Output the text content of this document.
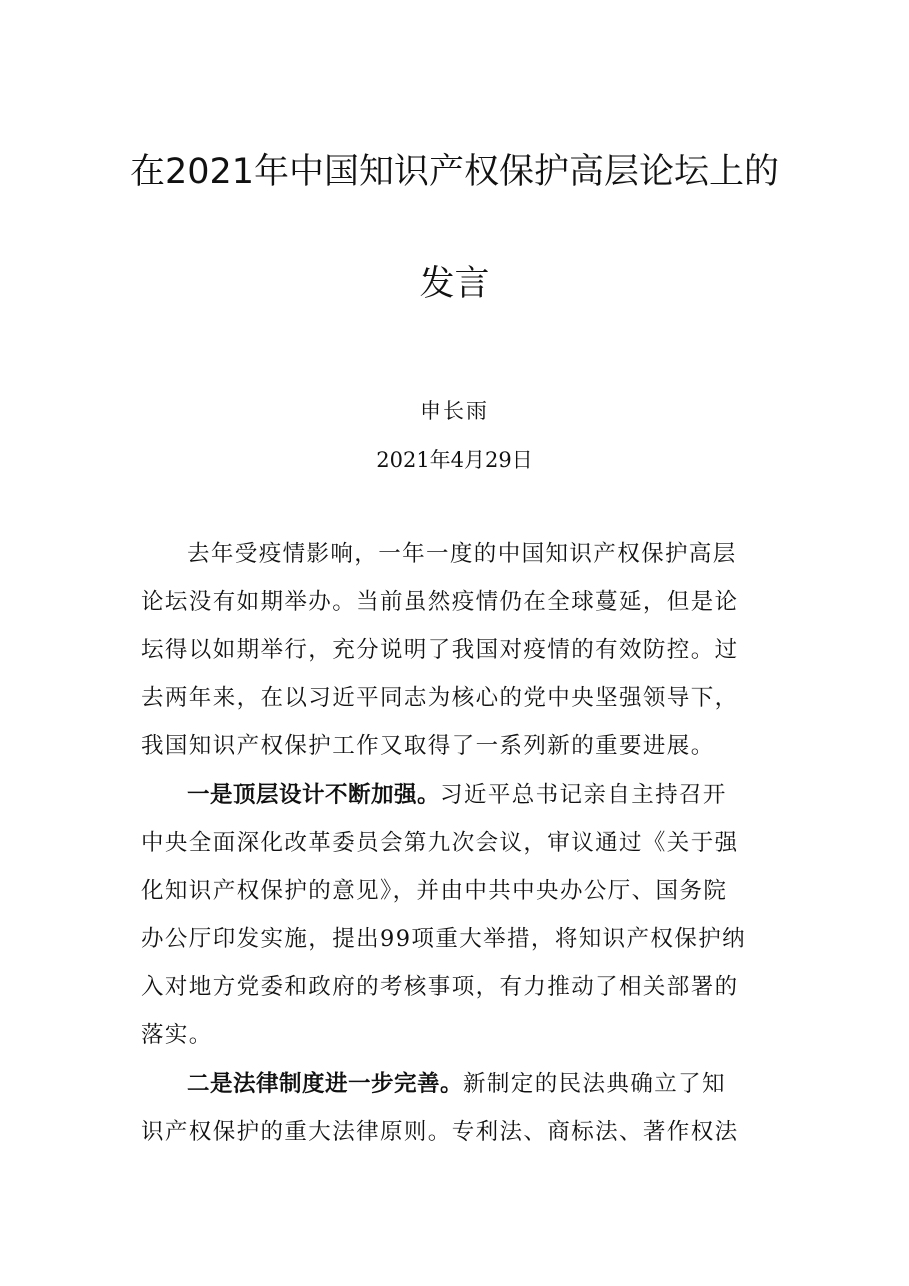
在2021年中国知识产权保护高层论坛上的
发言
申长雨
2021年4月29日
去年受疫情影响，一年一度的中国知识产权保护高层
论坛没有如期举办。当前虽然疫情仍在全球蔓延，但是论
坛得以如期举行，充分说明了我国对疫情的有效防控。过
去两年来，在以习近平同志为核心的党中央坚强领导下，
我国知识产权保护工作又取得了一系列新的重要进展。
一是顶层设计不断加强。习近平总书记亲自主持召开
中央全面深化改革委员会第九次会议，审议通过《关于强
化知识产权保护的意见》，并由中共中央办公厅、国务院
办公厅印发实施，提出99项重大举措，将知识产权保护纳
入对地方党委和政府的考核事项，有力推动了相关部署的
落实。
二是法律制度进一步完善。新制定的民法典确立了知
识产权保护的重大法律原则。专利法、商标法、著作权法
